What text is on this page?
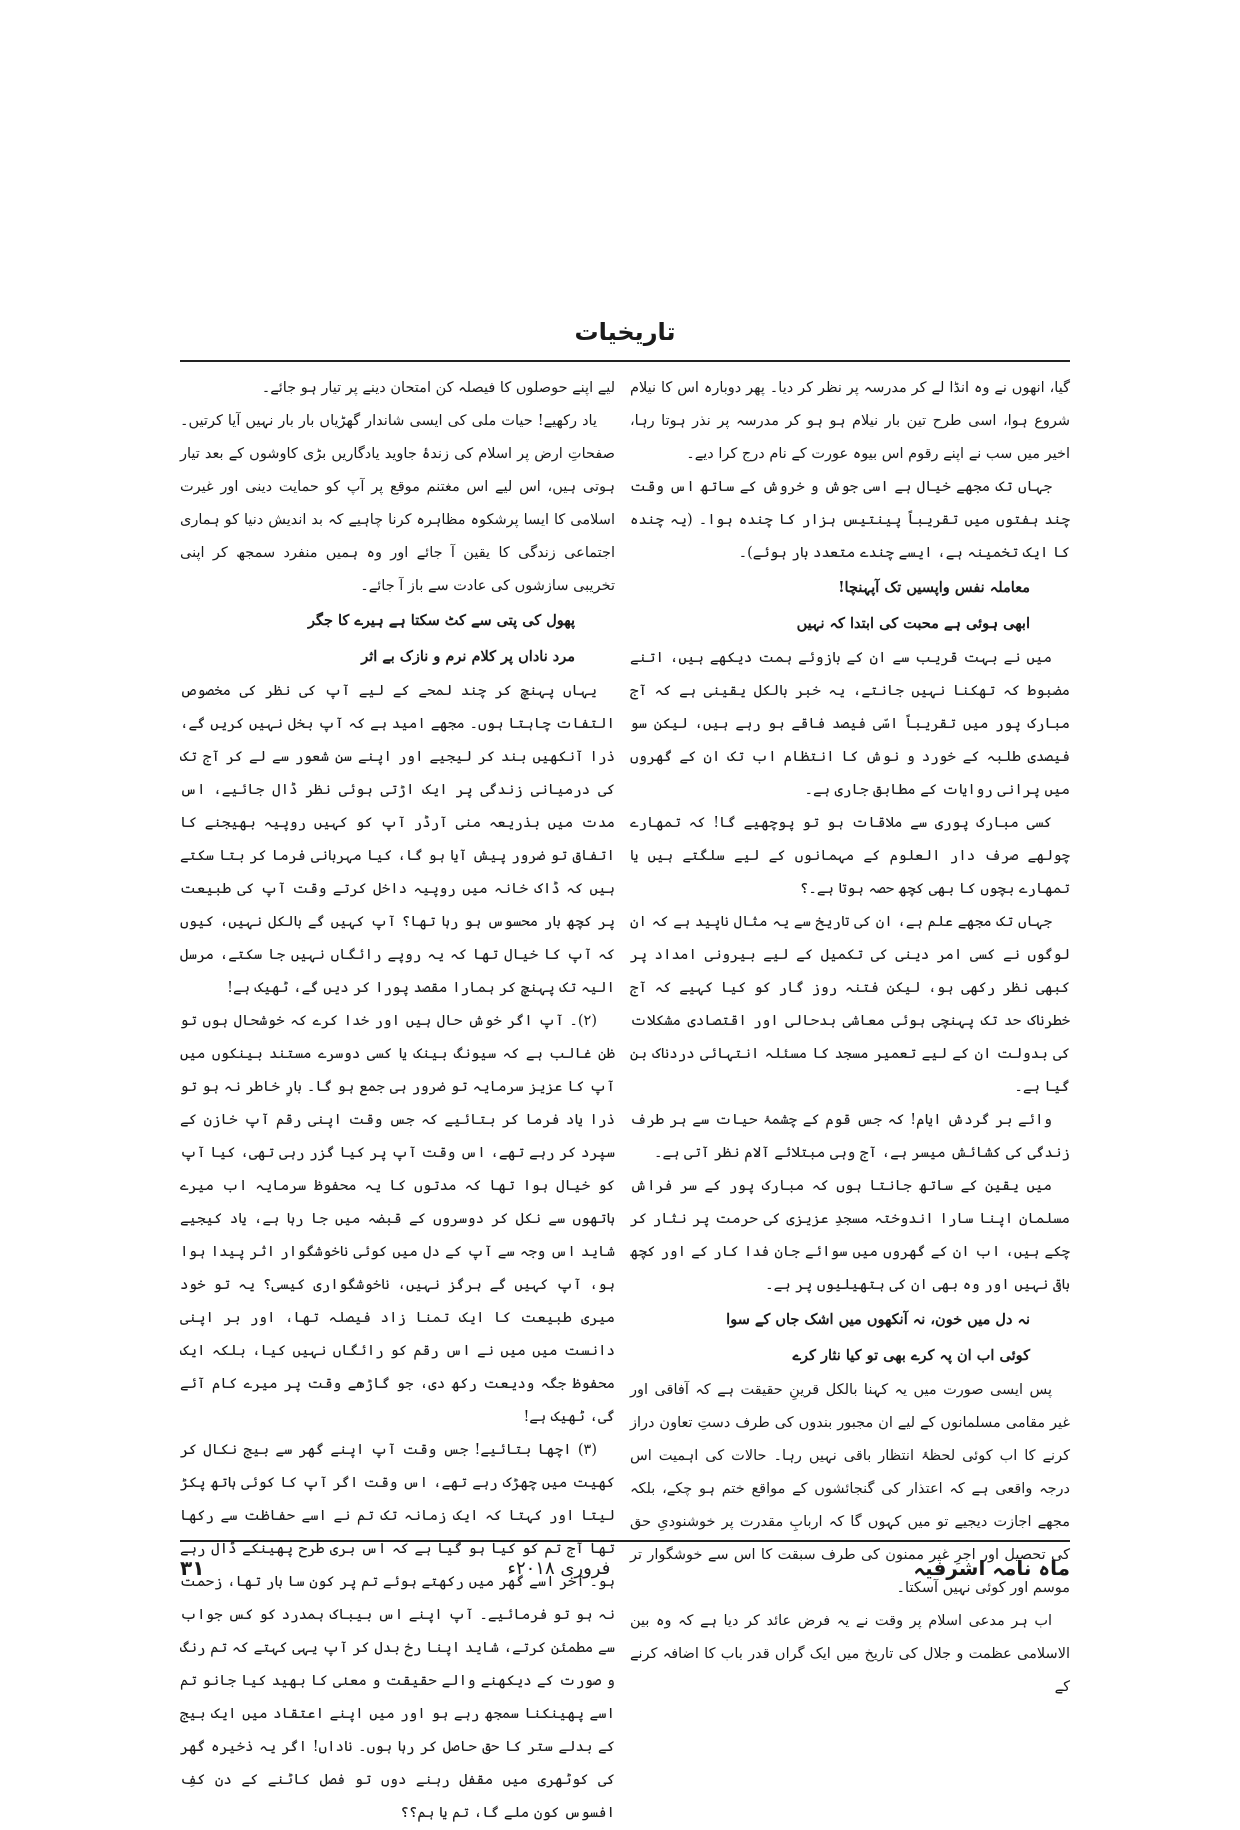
تاریخیات

گیا، انھوں نے وہ انڈا لے کر مدرسہ پر نظر کر دیا۔ پھر دوبارہ اس کا نیلام شروع ہوا، اسی طرح تین بار نیلام ہو ہو کر مدرسہ پر نذر ہوتا رہا، اخیر میں سب نے اپنے رقوم اس بیوہ عورت کے نام درج کرا دیے۔

جہاں تک مجھے خیال ہے اسی جوش و خروش کے ساتھ اس وقت چند ہفتوں میں تقریباً پینتیس ہزار کا چندہ ہوا۔ (یہ چندہ کا ایک تخمینہ ہے، ایسے چندے متعدد بار ہوئے)۔

معاملہ نفس واپسیں تک آپہنچا!
ابھی ہوئی ہے محبت کی ابتدا کہ نہیں

میں نے بہت قریب سے ان کے بازوئے ہمت دیکھے ہیں، اتنے مضبوط کہ تھکنا نہیں جانتے، یہ خبر بالکل یقینی ہے کہ آج مبارک پور میں تقریباً اسّی فیصد فاقے ہو رہے ہیں، لیکن سو فیصدی طلبہ کے خورد و نوش کا انتظام اب تک ان کے گھروں میں پرانی روایات کے مطابق جاری ہے۔

کسی مبارک پوری سے ملاقات ہو تو پوچھیے گا! کہ تمھارے چولھے صرف دار العلوم کے مہمانوں کے لیے سلگتے ہیں یا تمھارے بچوں کا بھی کچھ حصہ ہوتا ہے۔؟

جہاں تک مجھے علم ہے، ان کی تاریخ سے یہ مثال ناپید ہے کہ ان لوگوں نے کسی امر دینی کی تکمیل کے لیے بیرونی امداد پر کبھی نظر رکھی ہو، لیکن فتنہ روز گار کو کیا کہیے کہ آج خطرناک حد تک پہنچی ہوئی معاشی بدحالی اور اقتصادی مشکلات کی بدولت ان کے لیے تعمیر مسجد کا مسئلہ انتہائی دردناک بن گیا ہے۔

وائے بر گردش ایام! کہ جس قوم کے چشمۂ حیات سے ہر طرف زندگی کی کشائش میسر ہے، آج وہی مبتلائے آلام نظر آتی ہے۔

میں یقین کے ساتھ جانتا ہوں کہ مبارک پور کے سر فراش مسلمان اپنا سارا اندوختہ مسجدِ عزیزی کی حرمت پر نثار کر چکے ہیں، اب ان کے گھروں میں سوائے جان فدا کار کے اور کچھ باقی نہیں اور وہ بھی ان کی ہتھیلیوں پر ہے۔

نہ دل میں خون، نہ آنکھوں میں اشک جاں کے سوا
کوئی اب ان پہ کرے بھی تو کیا نثار کرے

پس ایسی صورت میں یہ کہنا بالکل قرینِ حقیقت ہے کہ آفاقی اور غیر مقامی مسلمانوں کے لیے ان مجبور بندوں کی طرف دستِ تعاون دراز کرنے کا اب کوئی لحظۂ انتظار باقی نہیں رہا۔ حالات کی اہمیت اس درجہ واقعی ہے کہ اعتذار کی گنجائشوں کے مواقع ختم ہو چکے، بلکہ مجھے اجازت دیجیے تو میں کہوں گا کہ اربابِ مقدرت پر خوشنودیِ حق کی تحصیل اور اجرِ غیر ممنون کی طرف سبقت کا اس سے خوشگوار تر موسم اور کوئی نہیں آسکتا۔

اب ہر مدعی اسلام پر وقت نے یہ فرض عائد کر دیا ہے کہ وہ بین الاسلامی عظمت و جلال کی تاریخ میں ایک گراں قدر باب کا اضافہ کرنے کے

لیے اپنے حوصلوں کا فیصلہ کن امتحان دینے پر تیار ہو جائے۔

یاد رکھیے! حیات ملی کی ایسی شاندار گھڑیاں بار بار نہیں آیا کرتیں۔ صفحاتِ ارض پر اسلام کی زندۂ جاوید یادگاریں بڑی کاوشوں کے بعد تیار ہوتی ہیں، اس لیے اس مغتنم موقع پر آپ کو حمایت دینی اور غیرت اسلامی کا ایسا پرشکوہ مظاہرہ کرنا چاہیے کہ بد اندیش دنیا کو ہماری اجتماعی زندگی کا یقین آ جائے اور وہ ہمیں منفرد سمجھ کر اپنی تخریبی سازشوں کی عادت سے باز آ جائے۔

پھول کی پتی سے کٹ سکتا ہے ہیرے کا جگر
مرد ناداں پر کلام نرم و نازک بے اثر

یہاں پہنچ کر چند لمحے کے لیے آپ کی نظر کی مخصوص التفات چاہتا ہوں۔ مجھے امید ہے کہ آپ بخل نہیں کریں گے، ذرا آنکھیں بند کر لیجیے اور اپنے سن شعور سے لے کر آج تک کی درمیانی زندگی پر ایک اڑتی ہوئی نظر ڈال جائیے، اس مدت میں بذریعہ منی آرڈر آپ کو کہیں روپیہ بھیجنے کا اتفاق تو ضرور پیش آیا ہو گا، کیا مہربانی فرما کر بتا سکتے ہیں کہ ڈاک خانہ میں روپیہ داخل کرتے وقت آپ کی طبیعت پر کچھ بار محسوس ہو رہا تھا؟ آپ کہیں گے بالکل نہیں، کیوں کہ آپ کا خیال تھا کہ یہ روپے رائگاں نہیں جا سکتے، مرسل الیہ تک پہنچ کر ہمارا مقصد پورا کر دیں گے، ٹھیک ہے!

(۲)۔ آپ اگر خوش حال ہیں اور خدا کرے کہ خوشحال ہوں تو ظن غالب ہے کہ سیونگ بینک یا کسی دوسرے مستند بینکوں میں آپ کا عزیز سرمایہ تو ضرور ہی جمع ہو گا۔ بارِ خاطر نہ ہو تو ذرا یاد فرما کر بتائیے کہ جس وقت اپنی رقم آپ خازن کے سپرد کر رہے تھے، اس وقت آپ پر کیا گزر رہی تھی، کیا آپ کو خیال ہوا تھا کہ مدتوں کا یہ محفوظ سرمایہ اب میرے ہاتھوں سے نکل کر دوسروں کے قبضہ میں جا رہا ہے، یاد کیجیے شاید اس وجہ سے آپ کے دل میں کوئی ناخوشگوار اثر پیدا ہوا ہو، آپ کہیں گے ہرگز نہیں، ناخوشگواری کیسی؟ یہ تو خود میری طبیعت کا ایک تمنا زاد فیصلہ تھا، اور بر اپنی دانست میں میں نے اس رقم کو رائگاں نہیں کیا، بلکہ ایک محفوظ جگہ ودیعت رکھ دی، جو گاڑھے وقت پر میرے کام آئے گی، ٹھیک ہے!

(۳) اچھا بتائیے! جس وقت آپ اپنے گھر سے بیج نکال کر کھیت میں چھڑک رہے تھے، اس وقت اگر آپ کا کوئی ہاتھ پکڑ لیتا اور کہتا کہ ایک زمانہ تک تم نے اسے حفاظت سے رکھا تھا آج تم کو کیا ہو گیا ہے کہ اس بری طرح پھینکے ڈال رہے ہو۔ آخر اسے گھر میں رکھتے ہوئے تم پر کون سا بار تھا، زحمت نہ ہو تو فرمائیے۔ آپ اپنے اس بیباک ہمدرد کو کس جواب سے مطمئن کرتے، شاید اپنا رخ بدل کر آپ یہی کہتے کہ تم رنگ و صورت کے دیکھنے والے حقیقت و معنٰی کا بھید کیا جانو تم اسے پھینکنا سمجھ رہے ہو اور میں اپنے اعتقاد میں ایک بیج کے بدلے ستر کا حق حاصل کر رہا ہوں۔ ناداں! اگر یہ ذخیرہ گھر کی کوٹھری میں مقفل رہنے دوں تو فصل کاٹنے کے دن کفِ افسوس کون ملے گا، تم یا ہم؟؟

ماہ نامہ اشرفیہ
فروری ۲۰۱۸ء
۳۱
